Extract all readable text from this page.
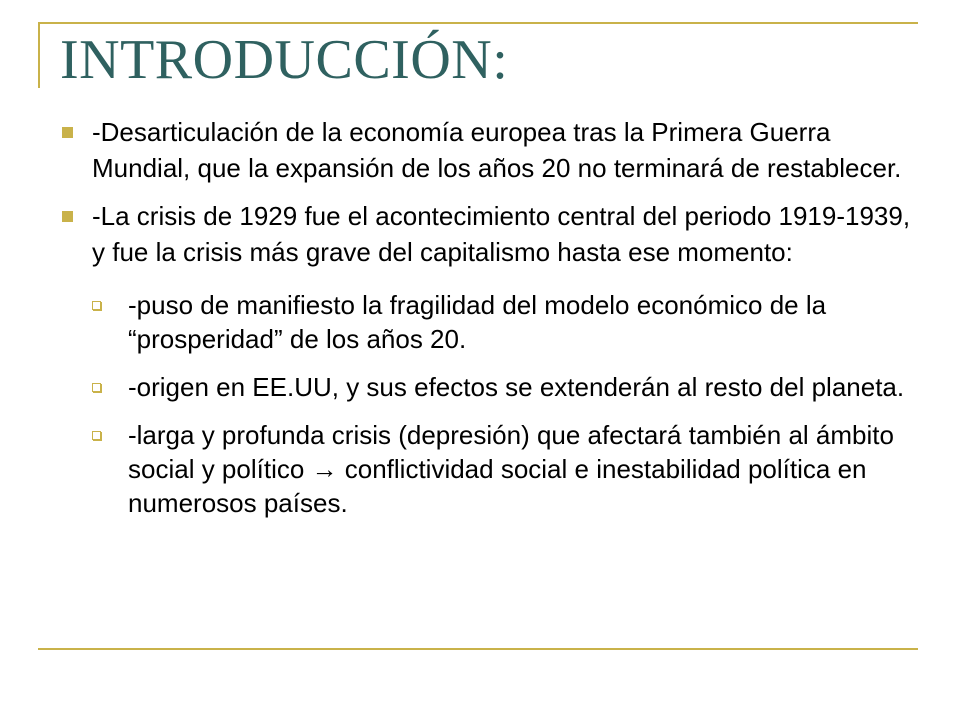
INTRODUCCIÓN:
-Desarticulación de la economía europea tras la Primera Guerra Mundial, que la expansión de los años 20 no terminará de restablecer.
-La crisis de 1929 fue el acontecimiento central del periodo 1919-1939, y fue la crisis más grave del capitalismo hasta ese momento:
-puso de manifiesto la fragilidad del modelo económico de la “prosperidad” de los años 20.
-origen en EE.UU, y sus efectos se extenderán al resto del planeta.
-larga y profunda crisis (depresión) que afectará también al ámbito social y político → conflictividad social e inestabilidad política en numerosos países.
